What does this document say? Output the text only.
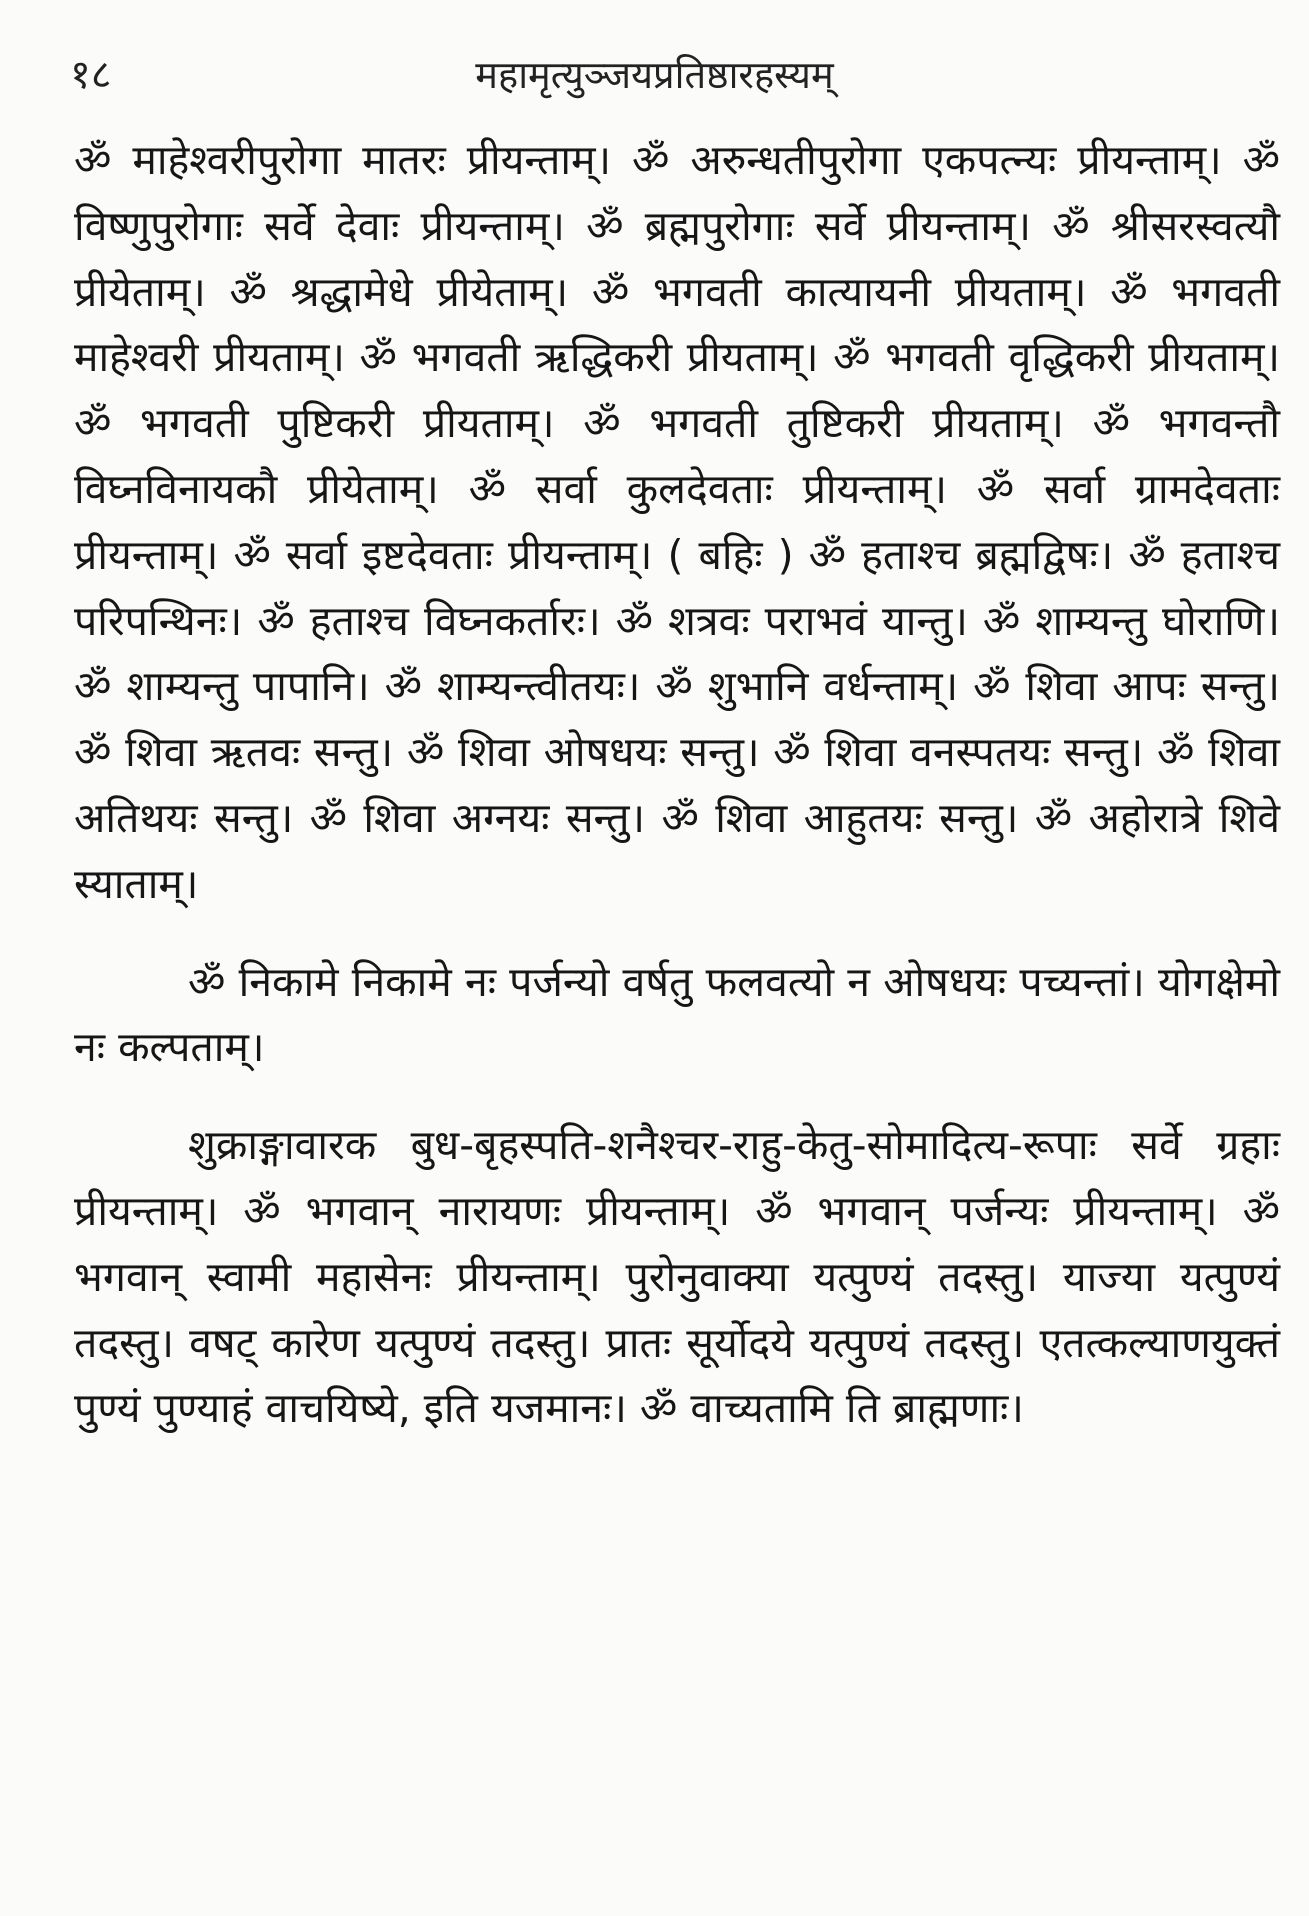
१८	महामृत्युञ्जयप्रतिष्ठारहस्यम्

ॐ माहेश्वरीपुरोगा मातरः प्रीयन्ताम्। ॐ अरुन्धतीपुरोगा एकपत्न्यः प्रीयन्ताम्। ॐ विष्णुपुरोगाः सर्वे देवाः प्रीयन्ताम्। ॐ ब्रह्मपुरोगाः सर्वे प्रीयन्ताम्। ॐ श्रीसरस्वत्यौ प्रीयेताम्। ॐ श्रद्धामेधे प्रीयेताम्। ॐ भगवती कात्यायनी प्रीयताम्। ॐ भगवती माहेश्वरी प्रीयताम्। ॐ भगवती ऋद्धिकरी प्रीयताम्। ॐ भगवती वृद्धिकरी प्रीयताम्। ॐ भगवती पुष्टिकरी प्रीयताम्। ॐ भगवती तुष्टिकरी प्रीयताम्। ॐ भगवन्तौ विघ्नविनायकौ प्रीयेताम्। ॐ सर्वा कुलदेवताः प्रीयन्ताम्। ॐ सर्वा ग्रामदेवताः प्रीयन्ताम्। ॐ सर्वा इष्टदेवताः प्रीयन्ताम्। ( बहिः ) ॐ हताश्च ब्रह्मद्विषः। ॐ हताश्च परिपन्थिनः। ॐ हताश्च विघ्नकर्तारः। ॐ शत्रवः पराभवं यान्तु। ॐ शाम्यन्तु घोराणि। ॐ शाम्यन्तु पापानि। ॐ शाम्यन्त्वीतयः। ॐ शुभानि वर्धन्ताम्। ॐ शिवा आपः सन्तु। ॐ शिवा ऋतवः सन्तु। ॐ शिवा ओषधयः सन्तु। ॐ शिवा वनस्पतयः सन्तु। ॐ शिवा अतिथयः सन्तु। ॐ शिवा अग्नयः सन्तु। ॐ शिवा आहुतयः सन्तु। ॐ अहोरात्रे शिवे स्याताम्।

ॐ निकामे निकामे नः पर्जन्यो वर्षतु फलवत्यो न ओषधयः पच्यन्तां। योगक्षेमो नः कल्पताम्।

शुक्राङ्गावारक बुध-बृहस्पति-शनैश्चर-राहु-केतु-सोमादित्य-रूपाः सर्वे ग्रहाः प्रीयन्ताम्। ॐ भगवान् नारायणः प्रीयन्ताम्। ॐ भगवान् पर्जन्यः प्रीयन्ताम्। ॐ भगवान् स्वामी महासेनः प्रीयन्ताम्। पुरोनुवाक्या यत्पुण्यं तदस्तु। याज्या यत्पुण्यं तदस्तु। वषट् कारेण यत्पुण्यं तदस्तु। प्रातः सूर्योदये यत्पुण्यं तदस्तु। एतत्कल्याणयुक्तं पुण्यं पुण्याहं वाचयिष्ये, इति यजमानः। ॐ वाच्यतामि ति ब्राह्मणाः।
